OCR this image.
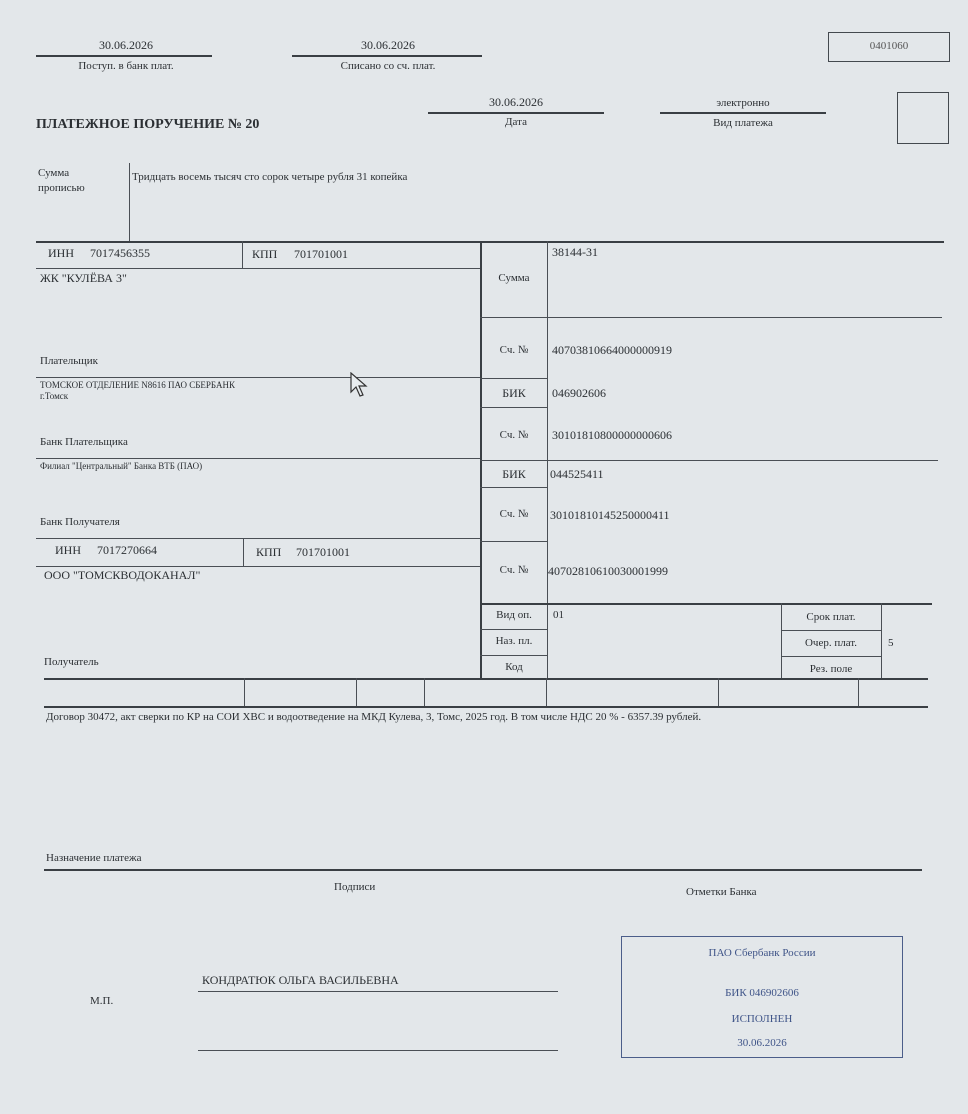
30.06.2026
Поступ. в банк плат.
30.06.2026
Списано со сч. плат.
0401060
ПЛАТЕЖНОЕ ПОРУЧЕНИЕ № 20
30.06.2026
Дата
электронно
Вид платежа
Сумма
прописью
Тридцать восемь тысяч сто сорок четыре рубля 31 копейка
ИНН 7017456355	КПП 701701001
ЖК "КУЛЁВА 3"
Плательщик
ТОМСКОЕ ОТДЕЛЕНИЕ N8616 ПАО СБЕРБАНК
г.Томск
Банк Плательщика
Филиал "Центральный" Банка ВТБ (ПАО)
Банк Получателя
ИНН 7017270664	КПП 701701001
ООО "ТОМСКВОДОКАНАЛ"
Получатель
Сумма
38144-31
Сч. №	40703810664000000919
БИК	046902606
Сч. №	30101810800000000606
БИК	044525411
Сч. №	30101810145250000411
Сч. №	40702810610030001999
Вид оп.	01
Наз. пл.
Код
Срок плат.
Очер. плат.	5
Рез. поле
Договор 30472, акт сверки по КР на СОИ ХВС и водоотведение на МКД Кулева, 3, Томс, 2025 год. В том числе НДС 20 % - 6357.39 рублей.
Назначение платежа
Подписи	Отметки Банка
М.П.
КОНДРАТЮК ОЛЬГА ВАСИЛЬЕВНА
ПАО Сбербанк России
БИК 046902606
ИСПОЛНЕН
30.06.2026
